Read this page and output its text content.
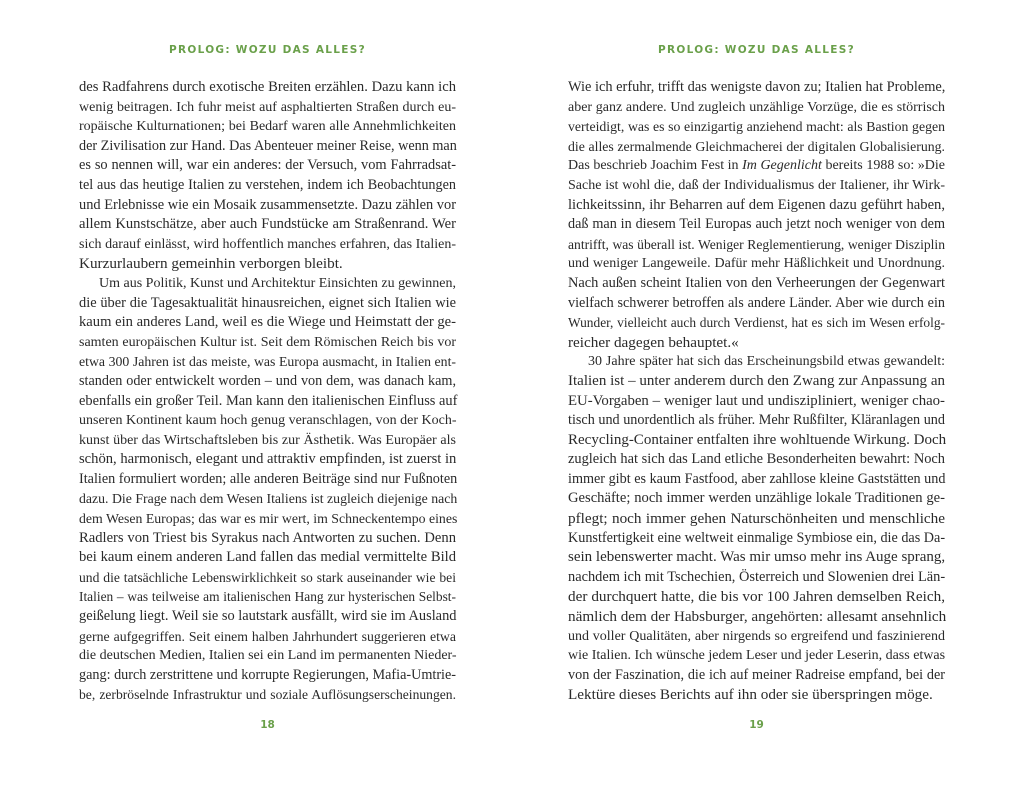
PROLOG: WOZU DAS ALLES?
des Radfahrens durch exotische Breiten erzählen. Dazu kann ich
wenig beitragen. Ich fuhr meist auf asphaltierten Straßen durch eu-
ropäische Kulturnationen; bei Bedarf waren alle Annehmlichkeiten
der Zivilisation zur Hand. Das Abenteuer meiner Reise, wenn man
es so nennen will, war ein anderes: der Versuch, vom Fahrradsat-
tel aus das heutige Italien zu verstehen, indem ich Beobachtungen
und Erlebnisse wie ein Mosaik zusammensetzte. Dazu zählen vor
allem Kunstschätze, aber auch Fundstücke am Straßenrand. Wer
sich darauf einlässt, wird hoffentlich manches erfahren, das Italien-
Kurzurlaubern gemeinhin verborgen bleibt.
Um aus Politik, Kunst und Architektur Einsichten zu gewinnen,
die über die Tagesaktualität hinausreichen, eignet sich Italien wie
kaum ein anderes Land, weil es die Wiege und Heimstatt der ge-
samten europäischen Kultur ist. Seit dem Römischen Reich bis vor
etwa 300 Jahren ist das meiste, was Europa ausmacht, in Italien ent-
standen oder entwickelt worden – und von dem, was danach kam,
ebenfalls ein großer Teil. Man kann den italienischen Einfluss auf
unseren Kontinent kaum hoch genug veranschlagen, von der Koch-
kunst über das Wirtschaftsleben bis zur Ästhetik. Was Europäer als
schön, harmonisch, elegant und attraktiv empfinden, ist zuerst in
Italien formuliert worden; alle anderen Beiträge sind nur Fußnoten
dazu. Die Frage nach dem Wesen Italiens ist zugleich diejenige nach
dem Wesen Europas; das war es mir wert, im Schneckentempo eines
Radlers von Triest bis Syrakus nach Antworten zu suchen. Denn
bei kaum einem anderen Land fallen das medial vermittelte Bild
und die tatsächliche Lebenswirklichkeit so stark auseinander wie bei
Italien – was teilweise am italienischen Hang zur hysterischen Selbst-
geißelung liegt. Weil sie so lautstark ausfällt, wird sie im Ausland
gerne aufgegriffen. Seit einem halben Jahrhundert suggerieren etwa
die deutschen Medien, Italien sei ein Land im permanenten Nieder-
gang: durch zerstrittene und korrupte Regierungen, Mafia-Umtrie-
be, zerbröselnde Infrastruktur und soziale Auflösungserscheinungen.
18
PROLOG: WOZU DAS ALLES?
Wie ich erfuhr, trifft das wenigste davon zu; Italien hat Probleme,
aber ganz andere. Und zugleich unzählige Vorzüge, die es störrisch
verteidigt, was es so einzigartig anziehend macht: als Bastion gegen
die alles zermalmende Gleichmacherei der digitalen Globalisierung.
Das beschrieb Joachim Fest in Im Gegenlicht bereits 1988 so: »Die
Sache ist wohl die, daß der Individualismus der Italiener, ihr Wirk-
lichkeitssinn, ihr Beharren auf dem Eigenen dazu geführt haben,
daß man in diesem Teil Europas auch jetzt noch weniger von dem
antrifft, was überall ist. Weniger Reglementierung, weniger Disziplin
und weniger Langeweile. Dafür mehr Häßlichkeit und Unordnung.
Nach außen scheint Italien von den Verheerungen der Gegenwart
vielfach schwerer betroffen als andere Länder. Aber wie durch ein
Wunder, vielleicht auch durch Verdienst, hat es sich im Wesen erfolg-
reicher dagegen behauptet.«
30 Jahre später hat sich das Erscheinungsbild etwas gewandelt:
Italien ist – unter anderem durch den Zwang zur Anpassung an
EU-Vorgaben – weniger laut und undiszipliniert, weniger chao-
tisch und unordentlich als früher. Mehr Rußfilter, Kläranlagen und
Recycling-Container entfalten ihre wohltuende Wirkung. Doch
zugleich hat sich das Land etliche Besonderheiten bewahrt: Noch
immer gibt es kaum Fastfood, aber zahllose kleine Gaststätten und
Geschäfte; noch immer werden unzählige lokale Traditionen ge-
pflegt; noch immer gehen Naturschönheiten und menschliche
Kunstfertigkeit eine weltweit einmalige Symbiose ein, die das Da-
sein lebenswerter macht. Was mir umso mehr ins Auge sprang,
nachdem ich mit Tschechien, Österreich und Slowenien drei Län-
der durchquert hatte, die bis vor 100 Jahren demselben Reich,
nämlich dem der Habsburger, angehörten: allesamt ansehnlich
und voller Qualitäten, aber nirgends so ergreifend und faszinierend
wie Italien. Ich wünsche jedem Leser und jeder Leserin, dass etwas
von der Faszination, die ich auf meiner Radreise empfand, bei der
Lektüre dieses Berichts auf ihn oder sie überspringen möge.
19
